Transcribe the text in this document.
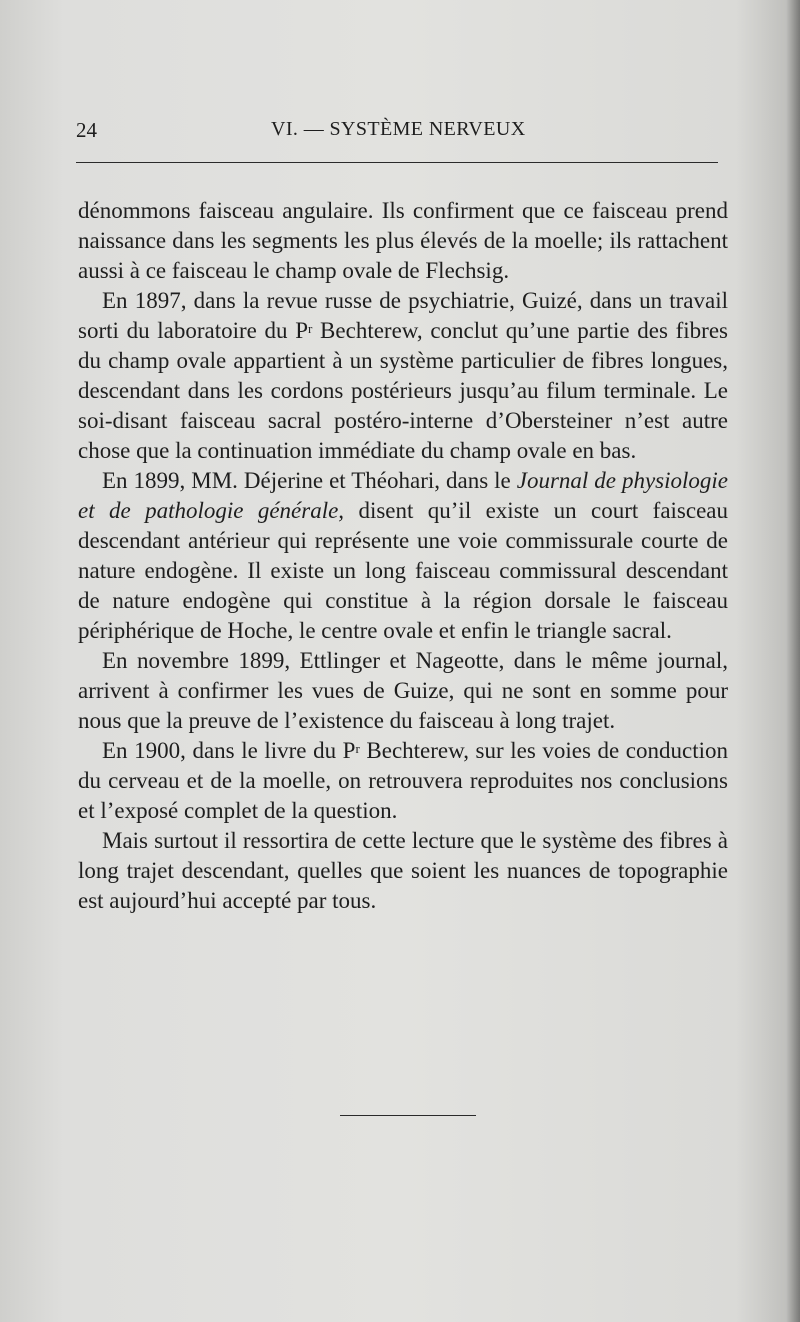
24	VI. — SYSTÈME NERVEUX

dénommons faisceau angulaire. Ils confirment que ce faisceau prend naissance dans les segments les plus élevés de la moelle; ils rattachent aussi à ce faisceau le champ ovale de Flechsig.

En 1897, dans la revue russe de psychiatrie, Guizé, dans un travail sorti du laboratoire du $P^r$ Bechterew, conclut qu’une partie des fibres du champ ovale appartient à un système particulier de fibres longues, descendant dans les cordons postérieurs jusqu’au filum terminale. Le soi-disant faisceau sacral postéro-interne d’Obersteiner n’est autre chose que la continuation immédiate du champ ovale en bas.

En 1899, MM. Déjerine et Théohari, dans le Journal de physiologie et de pathologie générale, disent qu’il existe un court faisceau descendant antérieur qui représente une voie commissurale courte de nature endogène. Il existe un long faisceau commissural descendant de nature endogène qui constitue à la région dorsale le faisceau périphérique de Hoche, le centre ovale et enfin le triangle sacral.

En novembre 1899, Ettlinger et Nageotte, dans le même journal, arrivent à confirmer les vues de Guize, qui ne sont en somme pour nous que la preuve de l’existence du faisceau à long trajet.

En 1900, dans le livre du $P^r$ Bechterew, sur les voies de conduction du cerveau et de la moelle, on retrouvera reproduites nos conclusions et l’exposé complet de la question.

Mais surtout il ressortira de cette lecture que le système des fibres à long trajet descendant, quelles que soient les nuances de topographie est aujourd’hui accepté par tous.
